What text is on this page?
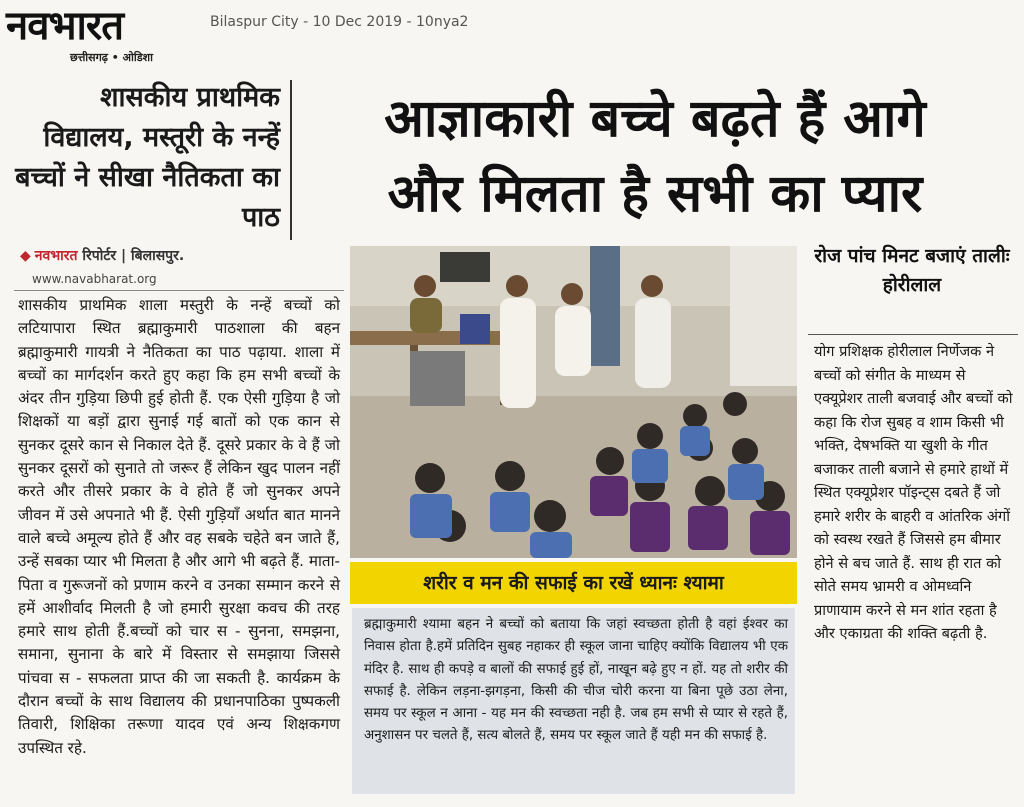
नवभारत
छत्तीसगढ़ • ओडिशा
Bilaspur City - 10 Dec 2019 - 10nya2
शासकीय प्राथमिक विद्यालय, मस्तूरी के नन्हें बच्चों ने सीखा नैतिकता का पाठ
आज्ञाकारी बच्चे बढ़ते हैं आगे
और मिलता है सभी का प्यार
◆ नवभारत रिपोर्टर | बिलासपुर.
www.navabharat.org
शासकीय प्राथमिक शाला मस्तुरी के नन्हें बच्चों को लटियापारा स्थित ब्रह्माकुमारी पाठशाला की बहन ब्रह्माकुमारी गायत्री ने नैतिकता का पाठ पढ़ाया. शाला में बच्चों का मार्गदर्शन करते हुए कहा कि हम सभी बच्चों के अंदर तीन गुड़िया छिपी हुई होती हैं. एक ऐसी गुड़िया है जो शिक्षकों या बड़ों द्वारा सुनाई गई बातों को एक कान से सुनकर दूसरे कान से निकाल देते हैं. दूसरे प्रकार के वे हैं जो सुनकर दूसरों को सुनाते तो जरूर हैं लेकिन खुद पालन नहीं करते और तीसरे प्रकार के वे होते हैं जो सुनकर अपने जीवन में उसे अपनाते भी हैं. ऐसी गुड़ियाँ अर्थात बात मानने वाले बच्चे अमूल्य होते हैं और वह सबके चहेते बन जाते हैं, उन्हें सबका प्यार भी मिलता है और आगे भी बढ़ते हैं. माता-पिता व गुरूजनों को प्रणाम करने व उनका सम्मान करने से हमें आशीर्वाद मिलती है जो हमारी सुरक्षा कवच की तरह हमारे साथ होती हैं.बच्चों को चार स - सुनना, समझना, समाना, सुनाना के बारे में विस्तार से समझाया जिससे पांचवा स - सफलता प्राप्त की जा सकती है. कार्यक्रम के दौरान बच्चों के साथ विद्यालय की प्रधानपाठिका पुष्पकली तिवारी, शिक्षिका तरूणा यादव एवं अन्य शिक्षकगण उपस्थित रहे.
शरीर व मन की सफाई का रखें ध्यानः श्यामा
ब्रह्माकुमारी श्यामा बहन ने बच्चों को बताया कि जहां स्वच्छता होती है वहां ईश्वर का निवास होता है.हमें प्रतिदिन सुबह नहाकर ही स्कूल जाना चाहिए क्योंकि विद्यालय भी एक मंदिर है. साथ ही कपड़े व बालों की सफाई हुई हों, नाखून बढ़े हुए न हों. यह तो शरीर की सफाई है. लेकिन लड़ना-झगड़ना, किसी की चीज चोरी करना या बिना पूछे उठा लेना, समय पर स्कूल न आना - यह मन की स्वच्छता नही है. जब हम सभी से प्यार से रहते हैं, अनुशासन पर चलते हैं, सत्य बोलते हैं, समय पर स्कूल जाते हैं यही मन की सफाई है.
रोज पांच मिनट बजाएं तालीः होरीलाल
योग प्रशिक्षक होरीलाल निर्णेजक ने बच्चों को संगीत के माध्यम से एक्यूप्रेशर ताली बजवाई और बच्चों को कहा कि रोज सुबह व शाम किसी भी भक्ति, देषभक्ति या खुशी के गीत बजाकर ताली बजाने से हमारे हाथों में स्थित एक्यूप्रेशर पॉइन्ट्स दबते हैं जो हमारे शरीर के बाहरी व आंतरिक अंगों को स्वस्थ रखते हैं जिससे हम बीमार होने से बच जाते हैं. साथ ही रात को सोते समय भ्रामरी व ओमध्वनि प्राणायाम करने से मन शांत रहता है और एकाग्रता की शक्ति बढ़ती है.
